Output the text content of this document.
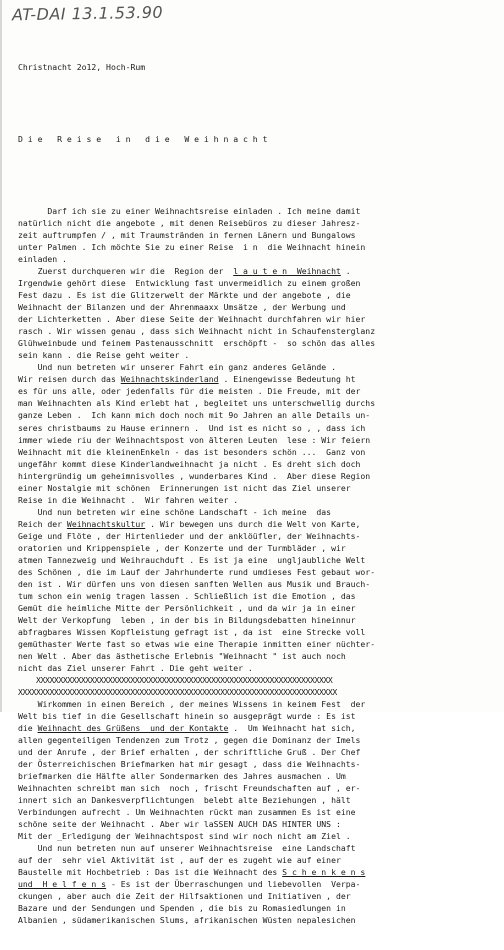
AT-DAI 13.1.53.90

Christnacht 2o12, Hoch-Rum

D i e   R e i s e   i n   d i e   W e i h n a c h t

Darf ich sie zu einer Weihnachtsreise einladen . Ich meine damit
natürlich nicht die angebote , mit denen Reisebüros zu dieser Jahresz-
zeit auftrumpfen / , mit Traumstränden in fernen Länern und Bungalows
unter Palmen . Ich möchte Sie zu einer Reise  i n  die Weihnacht hinein
einladen .
Zuerst durchqueren wir die  Region der  l a u t e n  Weihnacht .
Irgendwie gehört diese  Entwicklung fast unvermeidlich zu einem großen
Fest dazu . Es ist die Glitzerwelt der Märkte und der angebote , die
Weihnacht der Bilanzen und der Ahrenmaaxx Umsätze , der Werbung und
der Lichterketten . Aber diese Seite der Weihnacht durchfahren wir hier
rasch . Wir wissen genau , dass sich Weihnacht nicht in Schaufensterglanz
Glühweinbude und feinem Pastenausschnitt  erschöpft -  so schön das alles
sein kann . die Reise geht weiter .
Und nun betreten wir unserer Fahrt ein ganz anderes Gelände .
Wir reisen durch das Weihnachtskinderland . Einengewisse Bedeutung ht
es für uns alle, oder jedenfalls für die meisten . Die Freude, mit der
man Weihnachten als Kind erlebt hat , begleitet uns unterschwellig durchs
ganze Leben .  Ich kann mich doch noch mit 9o Jahren an alle Details un-
seres christbaums zu Hause erinnern .  Und ist es nicht so , , dass ich
immer wiede riu der Weihnachtspost von älteren Leuten  lese : Wir feiern
Weihnacht mit die kleinenEnkeln - das ist besonders schön ...  Ganz von
ungefähr kommt diese Kinderlandweihnacht ja nicht . Es dreht sich doch
hintergründig um geheimnisvolles , wunderbares Kind .  Aber diese Region
einer Nostalgie mit schönen  Erinnerungen ist nicht das Ziel unserer
Reise in die Weihnacht .  Wir fahren weiter .
Und nun betreten wir eine schöne Landschaft - ich meine  das
Reich der Weihnachtskultur . Wir bewegen uns durch die Welt von Karte,
Geige und Flöte , der Hirtenlieder und der anklöüfler, der Weihnachts-
oratorien und Krippenspiele , der Konzerte und der Turmbläder , wir
atmen Tannezweig und Weihrauchduft . Es ist ja eine  ungljaubliche Welt
des Schönen , die im Lauf der Jahrhunderte rund umdieses Fest gebaut wor-
den ist . Wir dürfen uns von diesen sanften Wellen aus Musik und Brauch-
tum schon ein wenig tragen lassen . Schließlich ist die Emotion , das
Gemüt die heimliche Mitte der Persönlichkeit , und da wir ja in einer
Welt der Verkopfung  leben , in der bis in Bildungsdebatten hineinnur
abfragbares Wissen Kopfleistung gefragt ist , da ist  eine Strecke voll
gemüthaster Werte fast so etwas wie eine Therapie inmitten einer nüchter-
nen Welt . Aber das ästhetische Erlebnis "Weihnacht " ist auch noch
nicht das Ziel unserer Fahrt . Die geht weiter .
XXXXXXXXXXXXXXXXXXXXXXXXXXXXXXXXXXXXXXXXXXXXXXXXXXXXXXXXXXXXXXXXXX
XXXXXXXXXXXXXXXXXXXXXXXXXXXXXXXXXXXXXXXXXXXXXXXXXXXXXXXXXXXXXXXXXXXXXXX
Wirkommen in einen Bereich , der meines Wissens in keinem Fest  der
Welt bis tief in die Gesellschaft hinein so ausgeprägt wurde : Es ist
die Weihnacht des Grüßens  und der Kontakte .  Um Weihnacht hat sich,
allen gegenteiligen Tendenzen zum Trotz , gegen die Dominanz der Imels
und der Anrufe , der Brief erhalten , der schriftliche Gruß . Der Chef
der Österreichischen Briefmarken hat mir gesagt , dass die Weihnachts-
briefmarken die Hälfte aller Sondermarken des Jahres ausmachen . Um
Weihnachten schreibt man sich  noch , frischt Freundschaften auf , er-
innert sich an Dankesverpflichtungen  belebt alte Beziehungen , hält
Verbindungen aufrecht . Um Weihnachten rückt man zusammen Es ist eine
schöne seite der Weihnacht . Aber wir laSSEN AUCH DAS HINTER UNS :
Mit der _Erledigung der Weihnachtspost sind wir noch nicht am Ziel .
Und nun betreten nun auf unserer Weihnachtsreise  eine Landschaft
auf der  sehr viel Aktivität ist , auf der es zugeht wie auf einer
Baustelle mit Hochbetrieb : Das ist die Weihnacht des S c h e n k e n s
und  H e l f e n s - Es ist der Überraschungen und liebevollen  Verpa-
ckungen , aber auch die Zeit der Hilfsaktionen und Initiativen , der
Bazare und der Sendungen und Spenden , die bis zu Romasiedlungen in
Albanien , südamerikanischen Slums, afrikanischen Wüsten nepalesichen
